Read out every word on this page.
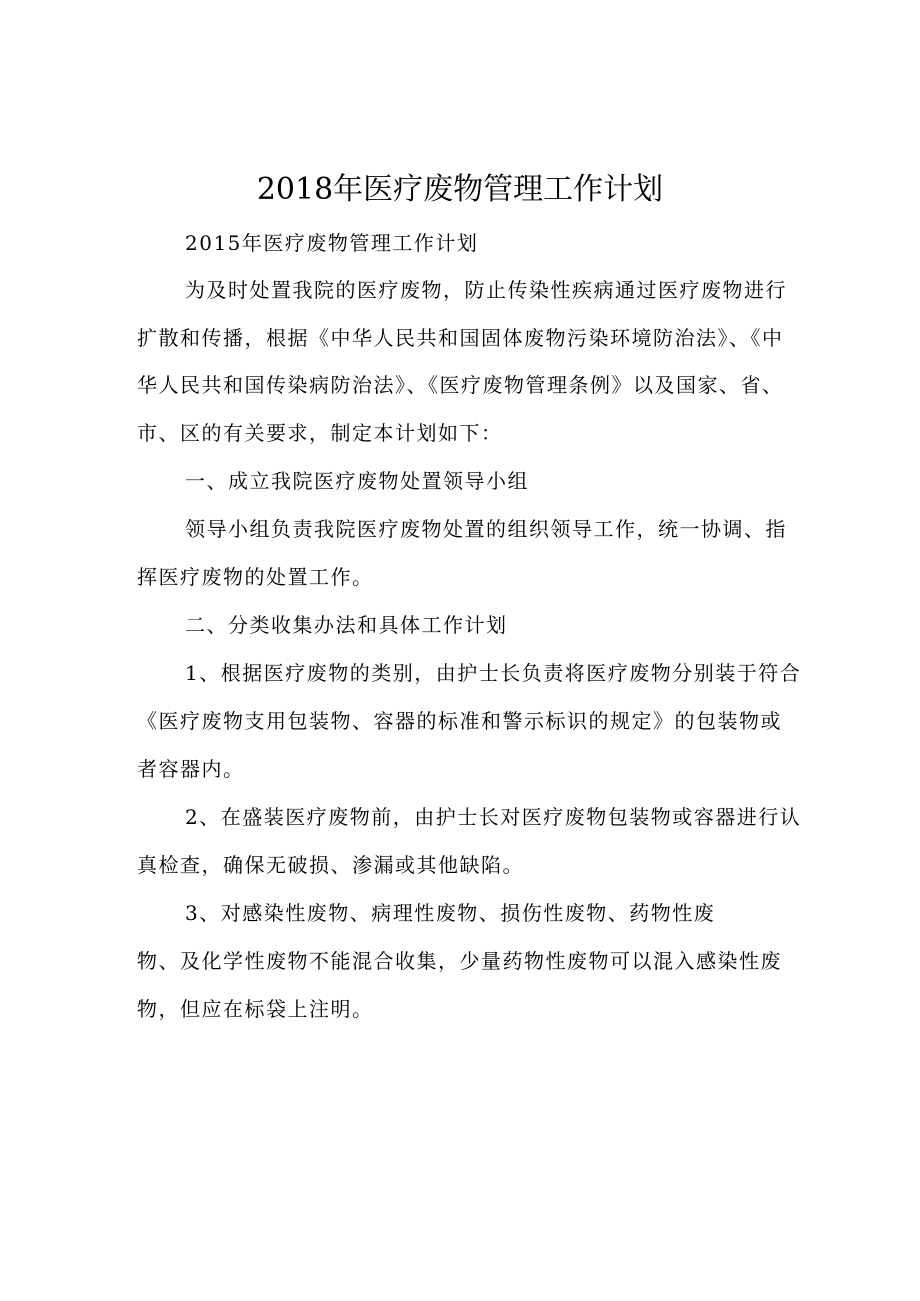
2018年医疗废物管理工作计划
2015年医疗废物管理工作计划
为及时处置我院的医疗废物，防止传染性疾病通过医疗废物进行
扩散和传播，根据《中华人民共和国固体废物污染环境防治法》、《中
华人民共和国传染病防治法》、《医疗废物管理条例》以及国家、省、
市、区的有关要求，制定本计划如下：
一、成立我院医疗废物处置领导小组
领导小组负责我院医疗废物处置的组织领导工作，统一协调、指
挥医疗废物的处置工作。
二、分类收集办法和具体工作计划
1、根据医疗废物的类别，由护士长负责将医疗废物分别装于符合
《医疗废物支用包装物、容器的标准和警示标识的规定》的包装物或
者容器内。
2、在盛装医疗废物前，由护士长对医疗废物包装物或容器进行认
真检查，确保无破损、渗漏或其他缺陷。
3、对感染性废物、病理性废物、损伤性废物、药物性废
物、及化学性废物不能混合收集，少量药物性废物可以混入感染性废
物，但应在标袋上注明。
